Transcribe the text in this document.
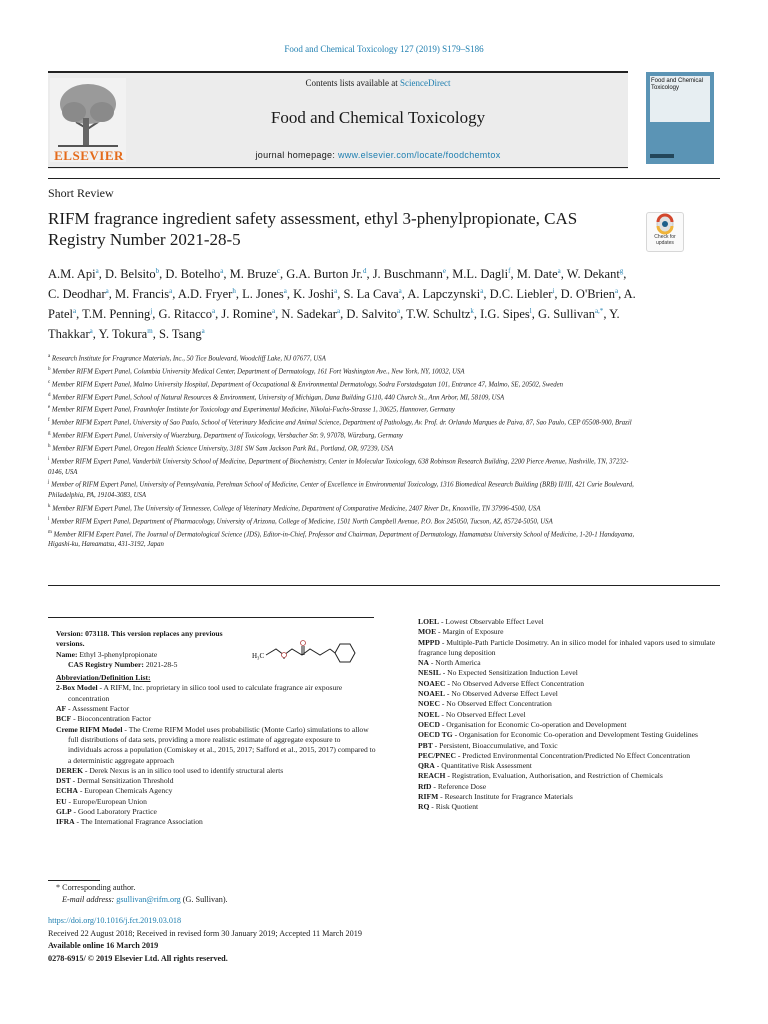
Food and Chemical Toxicology 127 (2019) S179–S186
ELSEVIER
Contents lists available at ScienceDirect
Food and Chemical Toxicology
journal homepage: www.elsevier.com/locate/foodchemtox
Food and Chemical Toxicology
Short Review
RIFM fragrance ingredient safety assessment, ethyl 3-phenylpropionate, CAS Registry Number 2021-28-5	Check for updates
A.M. Api$^a$, D. Belsito$^b$, D. Botelho$^a$, M. Bruze$^c$, G.A. Burton Jr.$^d$, J. Buschmann$^e$, M.L. Dagli$^f$, M. Date$^a$, W. Dekant$^g$, C. Deodhar$^a$, M. Francis$^a$, A.D. Fryer$^h$, L. Jones$^a$, K. Joshi$^a$, S. La Cava$^a$, A. Lapczynski$^a$, D.C. Liebler$^i$, D. O'Brien$^a$, A. Patel$^a$, T.M. Penning$^j$, G. Ritacco$^a$, J. Romine$^a$, N. Sadekar$^a$, D. Salvito$^a$, T.W. Schultz$^k$, I.G. Sipes$^l$, G. Sullivan$^{a,*}$, Y. Thakkar$^a$, Y. Tokura$^m$, S. Tsang$^a$
$^a$ Research Institute for Fragrance Materials, Inc., 50 Tice Boulevard, Woodcliff Lake, NJ 07677, USA
$^b$ Member RIFM Expert Panel, Columbia University Medical Center, Department of Dermatology, 161 Fort Washington Ave., New York, NY, 10032, USA
$^c$ Member RIFM Expert Panel, Malmo University Hospital, Department of Occupational & Environmental Dermatology, Sodra Forstadsgatan 101, Entrance 47, Malmo, SE, 20502, Sweden
$^d$ Member RIFM Expert Panel, School of Natural Resources & Environment, University of Michigan, Dana Building G110, 440 Church St., Ann Arbor, MI, 58109, USA
$^e$ Member RIFM Expert Panel, Fraunhofer Institute for Toxicology and Experimental Medicine, Nikolai-Fuchs-Strasse 1, 30625, Hannover, Germany
$^f$ Member RIFM Expert Panel, University of Sao Paulo, School of Veterinary Medicine and Animal Science, Department of Pathology, Av. Prof. dr. Orlando Marques de Paiva, 87, Sao Paulo, CEP 05508-900, Brazil
$^g$ Member RIFM Expert Panel, University of Wuerzburg, Department of Toxicology, Versbacher Str. 9, 97078, Würzburg, Germany
$^h$ Member RIFM Expert Panel, Oregon Health Science University, 3181 SW Sam Jackson Park Rd., Portland, OR, 97239, USA
$^i$ Member RIFM Expert Panel, Vanderbilt University School of Medicine, Department of Biochemistry, Center in Molecular Toxicology, 638 Robinson Research Building, 2200 Pierce Avenue, Nashville, TN, 37232-0146, USA
$^j$ Member of RIFM Expert Panel, University of Pennsylvania, Perelman School of Medicine, Center of Excellence in Environmental Toxicology, 1316 Biomedical Research Building (BRB) II/III, 421 Curie Boulevard, Philadelphia, PA, 19104-3083, USA
$^k$ Member RIFM Expert Panel, The University of Tennessee, College of Veterinary Medicine, Department of Comparative Medicine, 2407 River Dr., Knoxville, TN 37996-4500, USA
$^l$ Member RIFM Expert Panel, Department of Pharmacology, University of Arizona, College of Medicine, 1501 North Campbell Avenue, P.O. Box 245050, Tucson, AZ, 85724-5050, USA
$^m$ Member RIFM Expert Panel, The Journal of Dermatological Science (JDS), Editor-in-Chief, Professor and Chairman, Department of Dermatology, Hamamatsu University School of Medicine, 1-20-1 Handayama, Higashi-ku, Hamamatsu, 431-3192, Japan
Version: 073118. This version replaces any previous versions.
Name: Ethyl 3-phenylpropionate
CAS Registry Number: 2021-28-5
Abbreviation/Definition List:
2-Box Model - A RIFM, Inc. proprietary in silico tool used to calculate fragrance air exposure concentration
AF - Assessment Factor
BCF - Bioconcentration Factor
Creme RIFM Model - The Creme RIFM Model uses probabilistic (Monte Carlo) simulations to allow full distributions of data sets, providing a more realistic estimate of aggregate exposure to individuals across a population (Comiskey et al., 2015, 2017; Safford et al., 2015, 2017) compared to a deterministic aggregate approach
DEREK - Derek Nexus is an in silico tool used to identify structural alerts
DST - Dermal Sensitization Threshold
ECHA - European Chemicals Agency
EU - Europe/European Union
GLP - Good Laboratory Practice
IFRA - The International Fragrance Association
H₃C
LOEL - Lowest Observable Effect Level
MOE - Margin of Exposure
MPPD - Multiple-Path Particle Dosimetry. An in silico model for inhaled vapors used to simulate fragrance lung deposition
NA - North America
NESIL - No Expected Sensitization Induction Level
NOAEC - No Observed Adverse Effect Concentration
NOAEL - No Observed Adverse Effect Level
NOEC - No Observed Effect Concentration
NOEL - No Observed Effect Level
OECD - Organisation for Economic Co-operation and Development
OECD TG - Organisation for Economic Co-operation and Development Testing Guidelines
PBT - Persistent, Bioaccumulative, and Toxic
PEC/PNEC - Predicted Environmental Concentration/Predicted No Effect Concentration
QRA - Quantitative Risk Assessment
REACH - Registration, Evaluation, Authorisation, and Restriction of Chemicals
RfD - Reference Dose
RIFM - Research Institute for Fragrance Materials
RQ - Risk Quotient
* Corresponding author.
E-mail address: gsullivan@rifm.org (G. Sullivan).
https://doi.org/10.1016/j.fct.2019.03.018
Received 22 August 2018; Received in revised form 30 January 2019; Accepted 11 March 2019
Available online 16 March 2019
0278-6915/ © 2019 Elsevier Ltd. All rights reserved.
